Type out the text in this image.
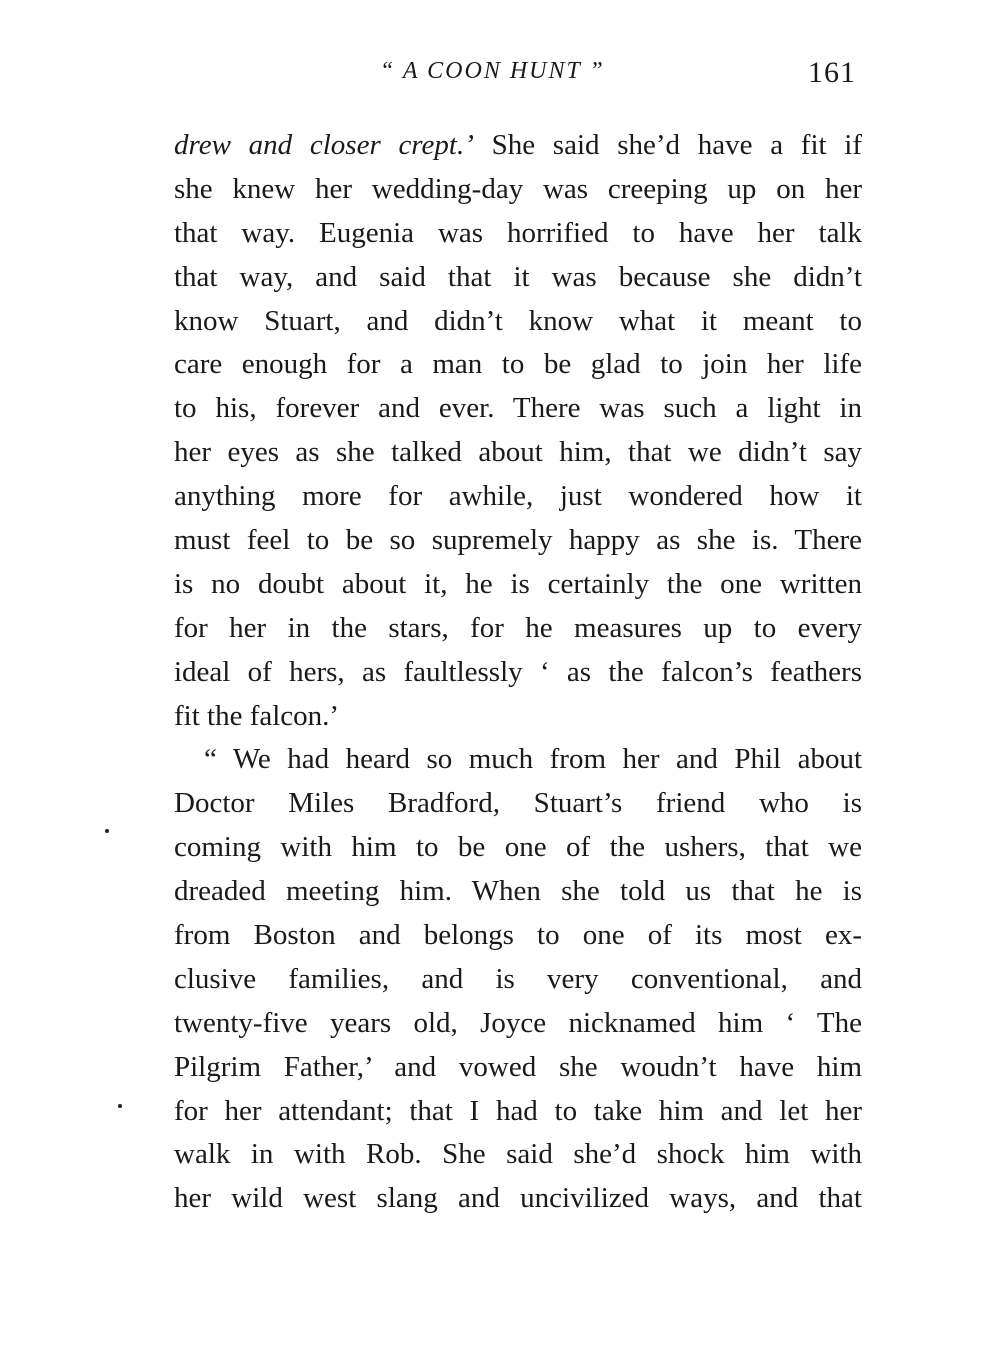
“ A COON HUNT ”	161
drew and closer crept.’ She said she’d have a fit if
she knew her wedding-day was creeping up on her
that way. Eugenia was horrified to have her talk
that way, and said that it was because she didn’t
know Stuart, and didn’t know what it meant to
care enough for a man to be glad to join her life
to his, forever and ever. There was such a light in
her eyes as she talked about him, that we didn’t say
anything more for awhile, just wondered how it
must feel to be so supremely happy as she is. There
is no doubt about it, he is certainly the one written
for her in the stars, for he measures up to every
ideal of hers, as faultlessly ‘ as the falcon’s feathers
fit the falcon.’
“ We had heard so much from her and Phil about
Doctor Miles Bradford, Stuart’s friend who is
coming with him to be one of the ushers, that we
dreaded meeting him. When she told us that he is
from Boston and belongs to one of its most ex-
clusive families, and is very conventional, and
twenty-five years old, Joyce nicknamed him ‘ The
Pilgrim Father,’ and vowed she woudn’t have him
for her attendant; that I had to take him and let her
walk in with Rob. She said she’d shock him with
her wild west slang and uncivilized ways, and that
